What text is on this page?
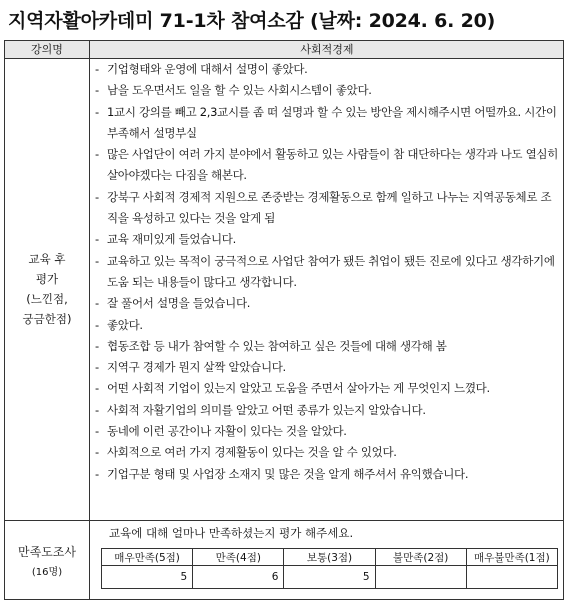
지역자활아카데미 71-1차 참여소감 (날짜: 2024. 6. 20)
강의명	사회적경제
교육 후
평가
(느낀점,
궁금한점)
- 기업형태와 운영에 대해서 설명이 좋았다.
- 남을 도우면서도 일을 할 수 있는 사회시스템이 좋았다.
- 1교시 강의를 빼고 2,3교시를 좀 떠 설명과 할 수 있는 방안을 제시해주시면 어떨까요. 시간이 부족해서 설명부실
- 많은 사업단이 여러 가지 분야에서 활동하고 있는 사람들이 참 대단하다는 생각과 나도 열심히 살아야겠다는 다짐을 해본다.
- 강북구 사회적 경제적 지원으로 존중받는 경제활동으로 함께 일하고 나누는 지역공동체로 조직을 육성하고 있다는 것을 알게 됨
- 교육 재미있게 들었습니다.
- 교육하고 있는 목적이 궁극적으로 사업단 참여가 됐든 취업이 됐든 진로에 있다고 생각하기에 도움 되는 내용들이 많다고 생각합니다.
- 잘 풀어서 설명을 들었습니다.
- 좋았다.
- 협동조합 등 내가 참여할 수 있는 참여하고 싶은 것들에 대해 생각해 봄
- 지역구 경제가 뭔지 살짝 알았습니다.
- 어떤 사회적 기업이 있는지 알았고 도움을 주면서 살아가는 게 무엇인지 느꼈다.
- 사회적 자활기업의 의미를 알았고 어떤 종류가 있는지 알았습니다.
- 동네에 이런 공간이나 자활이 있다는 것을 알았다.
- 사회적으로 여러 가지 경제활동이 있다는 것을 알 수 있었다.
- 기업구분 형태 및 사업장 소재지 및 많은 것을 알게 해주셔서 유익했습니다.
만족도조사
(16명)
교육에 대해 얼마나 만족하셨는지 평가 해주세요.
매우만족(5점)	만족(4점)	보통(3점)	불만족(2점)	매우불만족(1점)
5	6	5		
